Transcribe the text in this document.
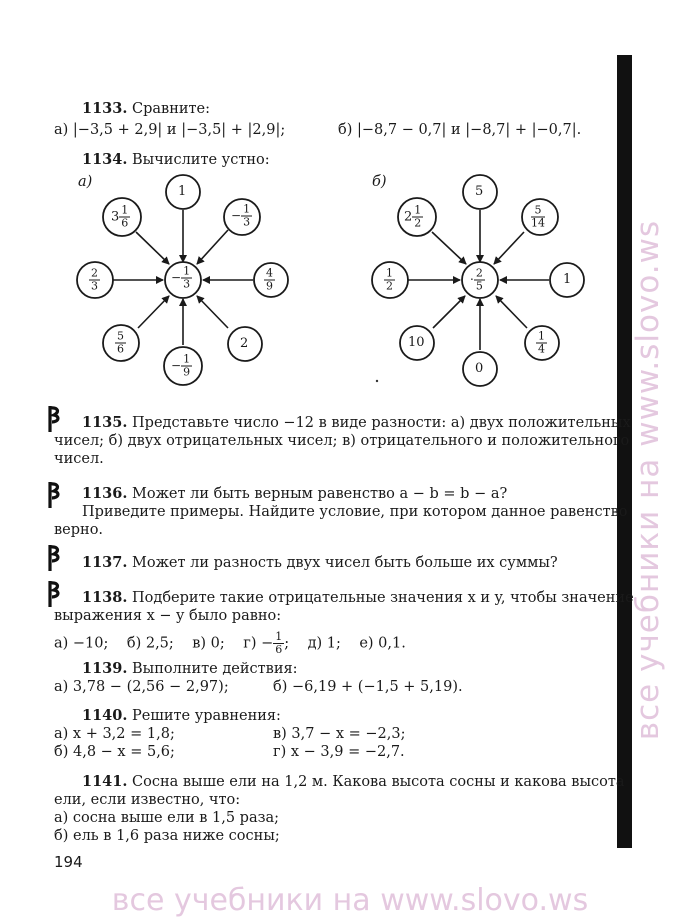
все учебники на www.slovo.ws
1133. Сравните:
а) |−3,5 + 2,9| и |−3,5| + |2,9|;	б) |−8,7 − 0,7| и |−8,7| + |−0,7|.
1134. Вычислите устно:
а)	б)
− $\frac{1}{3}$
1
− $\frac{1}{3}$
$\frac{4}{9}$
2
− $\frac{1}{9}$
$\frac{5}{6}$
$\frac{2}{3}$
$3 \frac{1}{6}$
· $\frac{2}{5}$
5
$\frac{5}{14}$
1
$\frac{1}{4}$
0
10
$\frac{1}{2}$
$2 \frac{1}{2}$
1135. Представьте число −12 в виде разности: а) двух положительных
чисел; б) двух отрицательных чисел; в) отрицательного и положительного
чисел.
1136. Может ли быть верным равенство a − b = b − a?
Приведите примеры. Найдите условие, при котором данное равенство
верно.
1137. Может ли разность двух чисел быть больше их суммы?
1138. Подберите такие отрицательные значения x и y, чтобы значение
выражения x − y было равно:
а) −10; б) 2,5; в) 0; $г) - \frac{1}{6}$ ; д) 1; е) 0,1.
1139. Выполните действия:
а) 3,78 − (2,56 − 2,97);	б) −6,19 + (−1,5 + 5,19).
1140. Решите уравнения:
а) x + 3,2 = 1,8;	в) 3,7 − x = −2,3;
б) 4,8 − x = 5,6;	г) x − 3,9 = −2,7.
1141. Сосна выше ели на 1,2 м. Какова высота сосны и какова высота
ели, если известно, что:
а) сосна выше ели в 1,5 раза;
б) ель в 1,6 раза ниже сосны;
194
все учебники на www.slovo.ws
